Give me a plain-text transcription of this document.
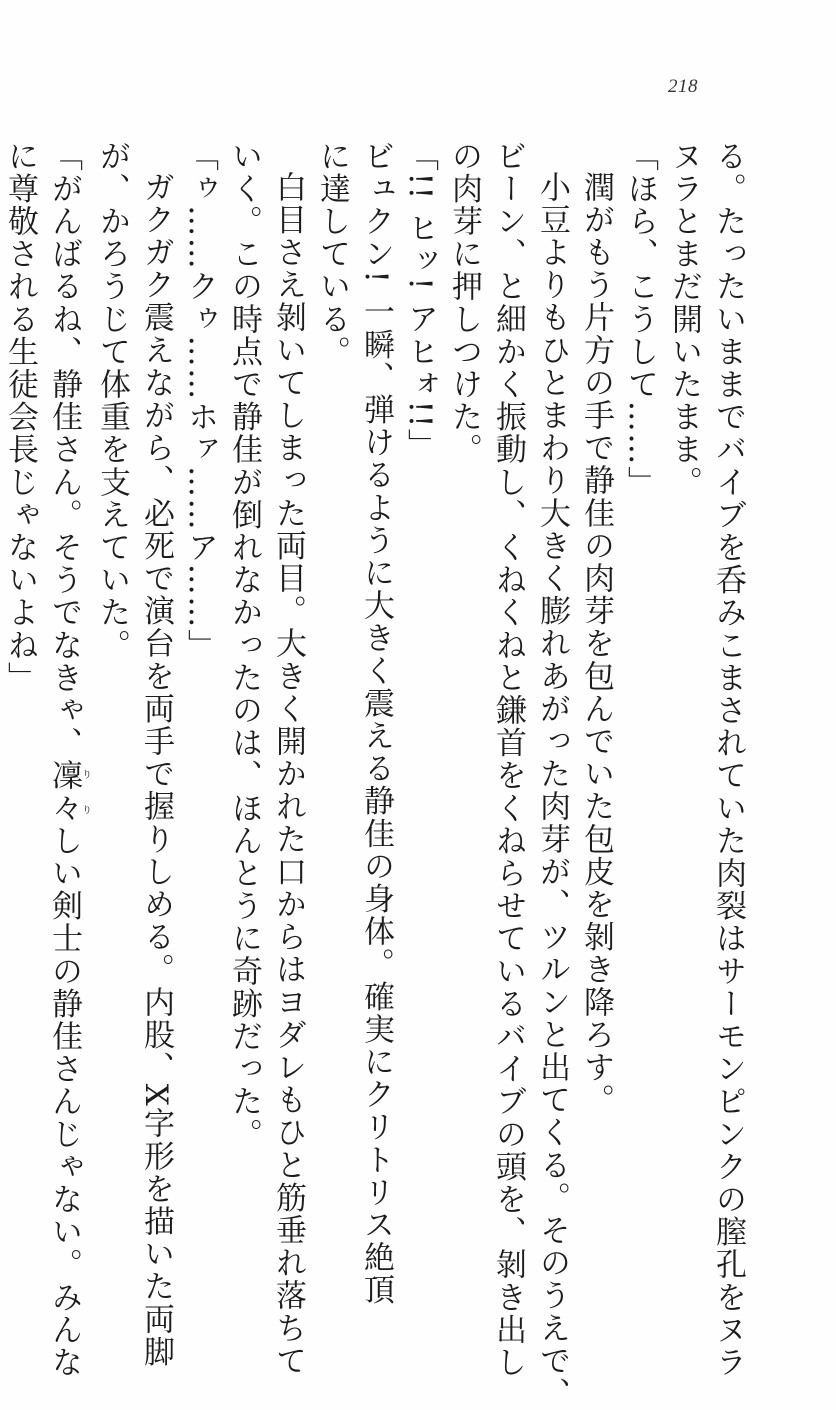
218

る。たったいままでバイブを呑みこまされていた肉裂はサーモンピンクの膣孔をヌラ

ヌラとまだ開いたまま。

「ほら、こうして……」

潤がもう片方の手で静佳の肉芽を包んでいた包皮を剝き降ろす。

小豆よりもひとまわり大きく膨れあがった肉芽が、ツルンと出てくる。そのうえで、

ビーン、と細かく振動し、くねくねと鎌首をくねらせているバイブの頭を、剝き出し

の肉芽に押しつけた。

「!! ヒッ! アヒォ!!」

ビュクン! 一瞬、弾けるように大きく震える静佳の身体。確実にクリトリス絶頂

に達している。

白目さえ剝いてしまった両目。大きく開かれた口からはヨダレもひと筋垂れ落ちて

いく。この時点で静佳が倒れなかったのは、ほんとうに奇跡だった。

「ゥ……クゥ……ホァ……ア……」

ガクガク震えながら、必死で演台を両手で握りしめる。内股、X字形を描いた両脚

が、かろうじて体重を支えていた。

「がんばるね、静佳さん。そうでなきゃ、凜々りりしい剣士の静佳さんじゃない。みんな

に尊敬される生徒会長じゃないよね」
